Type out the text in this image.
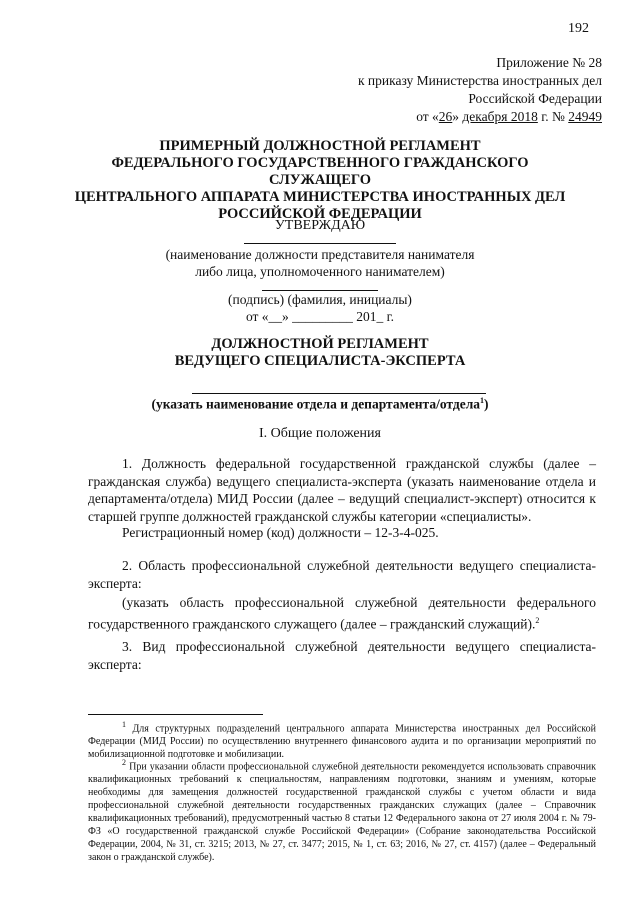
192
Приложение № 28
к приказу Министерства иностранных дел
Российской Федерации
от «26» декабря 2018 г. № 24949
ПРИМЕРНЫЙ ДОЛЖНОСТНОЙ РЕГЛАМЕНТ
ФЕДЕРАЛЬНОГО ГОСУДАРСТВЕННОГО ГРАЖДАНСКОГО СЛУЖАЩЕГО
ЦЕНТРАЛЬНОГО АППАРАТА МИНИСТЕРСТВА ИНОСТРАННЫХ ДЕЛ
РОССИЙСКОЙ ФЕДЕРАЦИИ
УТВЕРЖДАЮ
(наименование должности представителя нанимателя
либо лица, уполномоченного нанимателем)
(подпись) (фамилия, инициалы)
от «__» _________ 201_ г.
ДОЛЖНОСТНОЙ РЕГЛАМЕНТ
ВЕДУЩЕГО СПЕЦИАЛИСТА-ЭКСПЕРТА
(указать наименование отдела и департамента/отдела$^1$)
I. Общие положения
1. Должность федеральной государственной гражданской службы (далее – гражданская служба) ведущего специалиста-эксперта (указать наименование отдела и департамента/отдела) МИД России (далее – ведущий специалист-эксперт) относится к старшей группе должностей гражданской службы категории «специалисты».
Регистрационный номер (код) должности – 12-3-4-025.
2. Область профессиональной служебной деятельности ведущего специалиста-эксперта:
(указать область профессиональной служебной деятельности федерального государственного гражданского служащего (далее – гражданский служащий).$^2$
3. Вид профессиональной служебной деятельности ведущего специалиста-эксперта:
$^1$ Для структурных подразделений центрального аппарата Министерства иностранных дел Российской Федерации (МИД России) по осуществлению внутреннего финансового аудита и по организации мероприятий по мобилизационной подготовке и мобилизации.
$^2$ При указании области профессиональной служебной деятельности рекомендуется использовать справочник квалификационных требований к специальностям, направлениям подготовки, знаниям и умениям, которые необходимы для замещения должностей государственной гражданской службы с учетом области и вида профессиональной служебной деятельности государственных гражданских служащих (далее – Справочник квалификационных требований), предусмотренный частью 8 статьи 12 Федерального закона от 27 июля 2004 г. № 79-ФЗ «О государственной гражданской службе Российской Федерации» (Собрание законодательства Российской Федерации, 2004, № 31, ст. 3215; 2013, № 27, ст. 3477; 2015, № 1, ст. 63; 2016, № 27, ст. 4157) (далее – Федеральный закон о гражданской службе).
